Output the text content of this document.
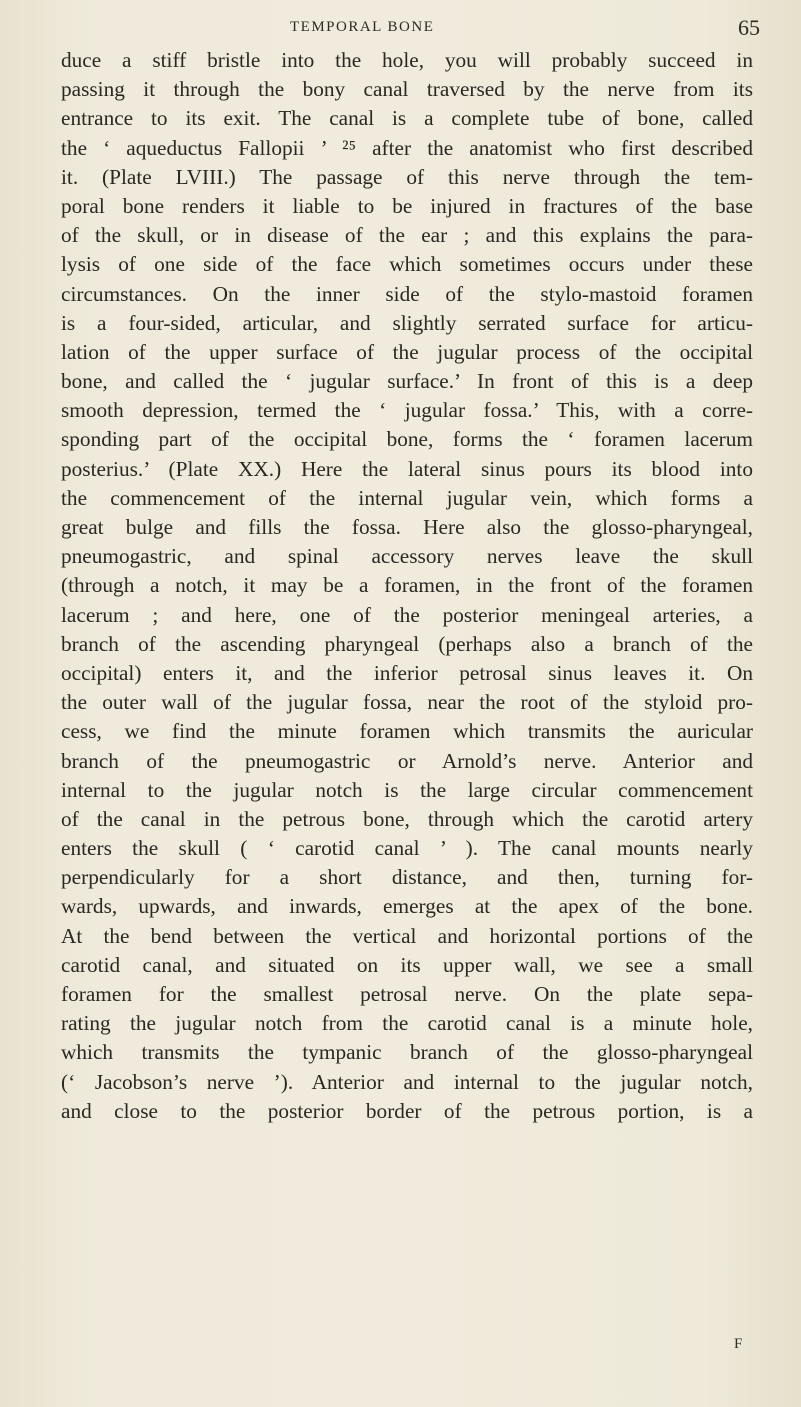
TEMPORAL BONE	65
duce a stiff bristle into the hole, you will probably succeed in
passing it through the bony canal traversed by the nerve from its
entrance to its exit. The canal is a complete tube of bone, called
the ‘ aqueductus Fallopii ’ ²⁵ after the anatomist who first described
it. (Plate LVIII.) The passage of this nerve through the tem-
poral bone renders it liable to be injured in fractures of the base
of the skull, or in disease of the ear ; and this explains the para-
lysis of one side of the face which sometimes occurs under these
circumstances. On the inner side of the stylo-mastoid foramen
is a four-sided, articular, and slightly serrated surface for articu-
lation of the upper surface of the jugular process of the occipital
bone, and called the ‘ jugular surface.’ In front of this is a deep
smooth depression, termed the ‘ jugular fossa.’ This, with a corre-
sponding part of the occipital bone, forms the ‘ foramen lacerum
posterius.’ (Plate XX.) Here the lateral sinus pours its blood into
the commencement of the internal jugular vein, which forms a
great bulge and fills the fossa. Here also the glosso-pharyngeal,
pneumogastric, and spinal accessory nerves leave the skull
(through a notch, it may be a foramen, in the front of the foramen
lacerum ; and here, one of the posterior meningeal arteries, a
branch of the ascending pharyngeal (perhaps also a branch of the
occipital) enters it, and the inferior petrosal sinus leaves it. On
the outer wall of the jugular fossa, near the root of the styloid pro-
cess, we find the minute foramen which transmits the auricular
branch of the pneumogastric or Arnold’s nerve. Anterior and
internal to the jugular notch is the large circular commencement
of the canal in the petrous bone, through which the carotid artery
enters the skull ( ‘ carotid canal ’ ). The canal mounts nearly
perpendicularly for a short distance, and then, turning for-
wards, upwards, and inwards, emerges at the apex of the bone.
At the bend between the vertical and horizontal portions of the
carotid canal, and situated on its upper wall, we see a small
foramen for the smallest petrosal nerve. On the plate sepa-
rating the jugular notch from the carotid canal is a minute hole,
which transmits the tympanic branch of the glosso-pharyngeal
(‘ Jacobson’s nerve ’). Anterior and internal to the jugular notch,
and close to the posterior border of the petrous portion, is a
F
